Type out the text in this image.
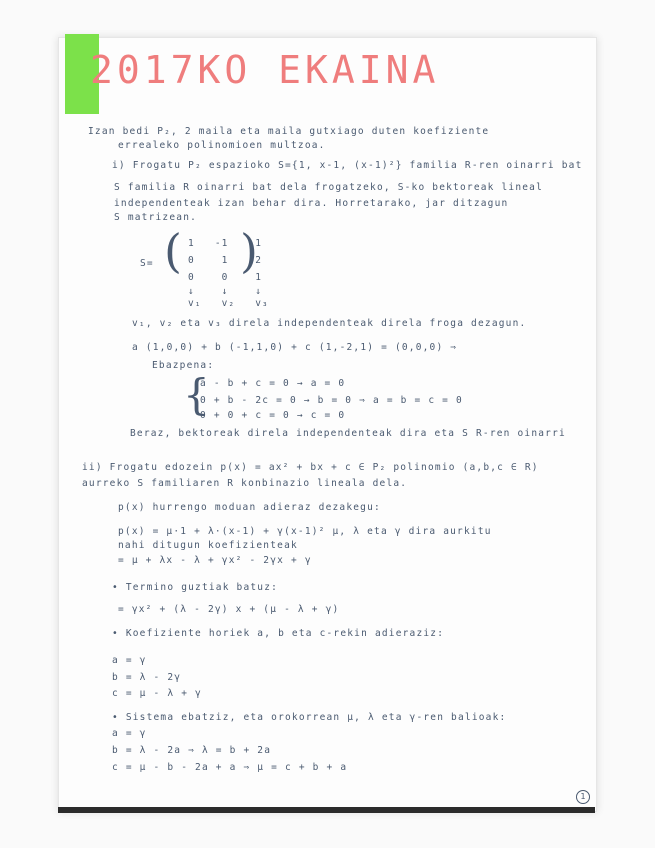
2017KO EKAINA

Izan bedi P₂, 2 maila eta maila gutxiago duten koefiziente

errealeko polinomioen multzoa.

i) Frogatu P₂ espazioko S={1, x-1, (x-1)²} familia R-ren oinarri bat

S familia R oinarri bat dela frogatzeko, S-ko bektoreak lineal

independenteak izan behar dira. Horretarako, jar ditzagun

S matrizean.

S= ( )
1   -1    1
0    1   -2
0    0    1
↓    ↓    ↓
v₁   v₂   v₃

v₁, v₂ eta v₃ direla independenteak direla froga dezagun.

a (1,0,0) + b (-1,1,0) + c (1,-2,1) = (0,0,0) ⇒

Ebazpena:

{

a - b + c = 0 → a = 0

0 + b - 2c = 0 → b = 0 ⇒ a = b = c = 0

0 + 0 + c = 0 → c = 0

Beraz, bektoreak direla independenteak dira eta S R-ren oinarri

ii) Frogatu edozein p(x) = ax² + bx + c ∈ P₂ polinomio (a,b,c ∈ R)

aurreko S familiaren R konbinazio lineala dela.

p(x) hurrengo moduan adieraz dezakegu:

p(x) = μ·1 + λ·(x-1) + γ(x-1)² μ, λ eta γ dira aurkitu

nahi ditugun koefizienteak

= μ + λx - λ + γx² - 2γx + γ

• Termino guztiak batuz:

= γx² + (λ - 2γ) x + (μ - λ + γ)

• Koefiziente horiek a, b eta c-rekin adieraziz:

a = γ

b = λ - 2γ

c = μ - λ + γ

• Sistema ebatziz, eta orokorrean μ, λ eta γ-ren balioak:

a = γ

b = λ - 2a ⇒ λ = b + 2a

c = μ - b - 2a + a ⇒ μ = c + b + a

1
